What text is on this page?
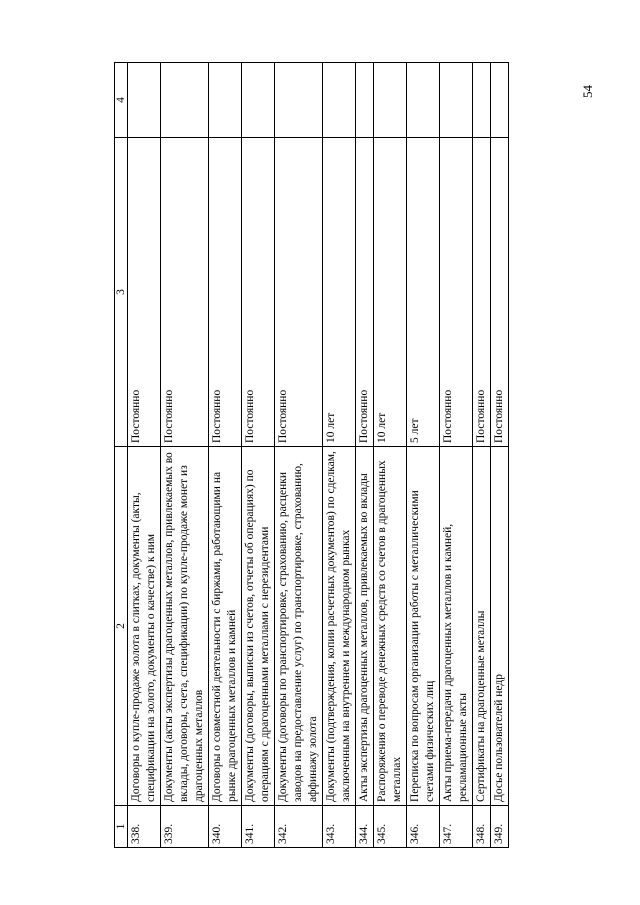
54
1	2	3	4
338.	Договоры о купле-продаже золота в слитках, документы (акты, спецификации на золото, документы о качестве) к ним	Постоянно	
339.	Документы (акты экспертизы драгоценных металлов, привлекаемых во вклады, договоры, счета, спецификации) по купле-продаже монет из драгоценных металлов	Постоянно	
340.	Договоры о совместной деятельности с биржами, работающими на рынке драгоценных металлов и камней	Постоянно	
341.	Документы (договоры, выписки из счетов, отчеты об операциях) по операциям с драгоценными металлами с нерезидентами	Постоянно	
342.	Документы (договоры по транспортировке, страхованию, расценки заводов на предоставление услуг) по транспортировке, страхованию, аффинажу золота	Постоянно	
343.	Документы (подтверждения, копии расчетных документов) по сделкам, заключенным на внутреннем и международном рынках	10 лет	
344.	Акты экспертизы драгоценных металлов, привлекаемых во вклады	Постоянно	
345.	Распоряжения о переводе денежных средств со счетов в драгоценных металлах	10 лет	
346.	Переписка по вопросам организации работы с металлическими счетами физических лиц	5 лет	
347.	Акты приема-передачи драгоценных металлов и камней, рекламационные акты	Постоянно	
348.	Сертификаты на драгоценные металлы	Постоянно	
349.	Досье пользователей недр	Постоянно	
